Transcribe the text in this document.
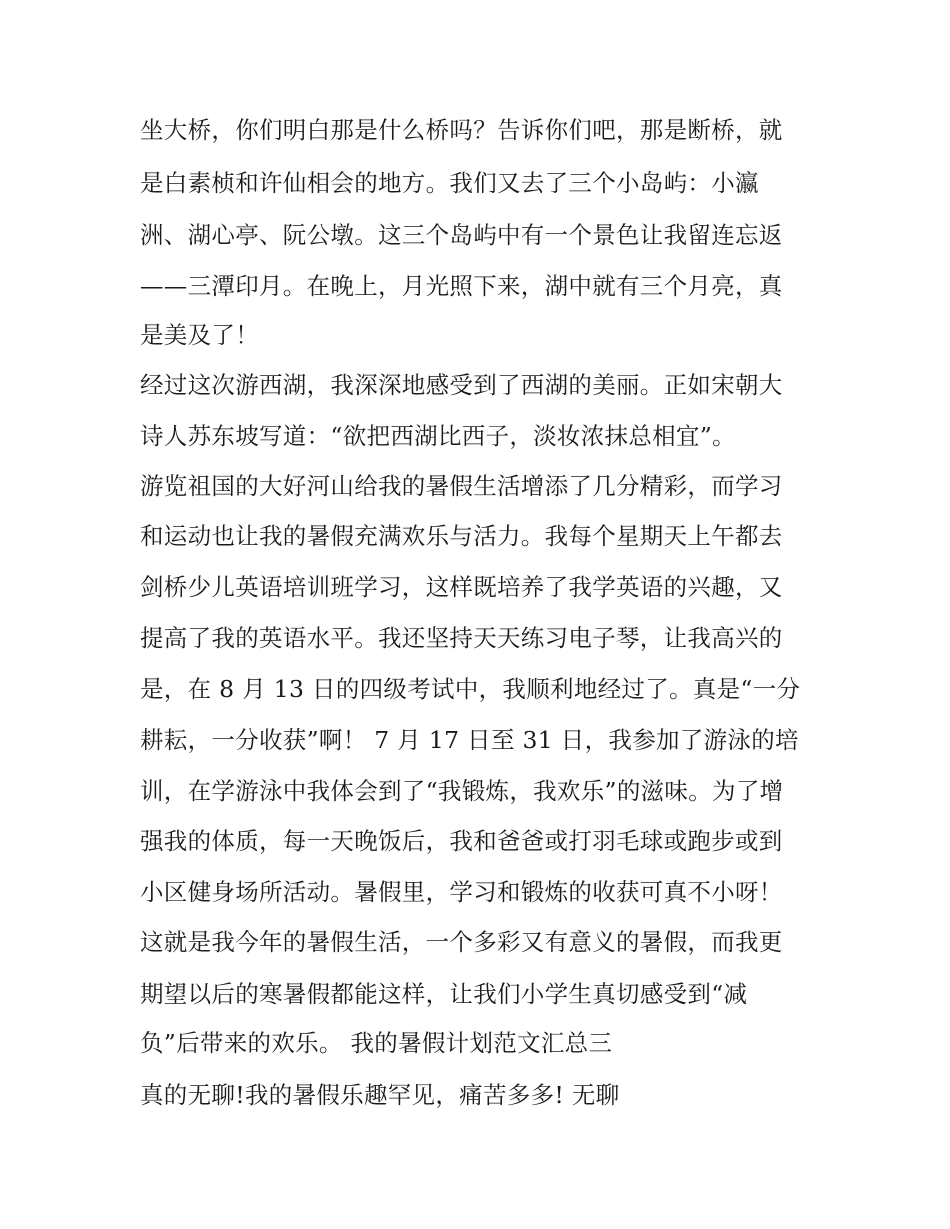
坐大桥，你们明白那是什么桥吗？告诉你们吧，那是断桥，就
是白素桢和许仙相会的地方。我们又去了三个小岛屿：小瀛
洲、湖心亭、阮公墩。这三个岛屿中有一个景色让我留连忘返
——三潭印月。在晚上，月光照下来，湖中就有三个月亮，真
是美及了！
经过这次游西湖，我深深地感受到了西湖的美丽。正如宋朝大
诗人苏东坡写道：“欲把西湖比西子，淡妆浓抹总相宜”。
游览祖国的大好河山给我的暑假生活增添了几分精彩，而学习
和运动也让我的暑假充满欢乐与活力。我每个星期天上午都去
剑桥少儿英语培训班学习，这样既培养了我学英语的兴趣，又
提高了我的英语水平。我还坚持天天练习电子琴，让我高兴的
是，在 8 月 13 日的四级考试中，我顺利地经过了。真是“一分
耕耘，一分收获”啊！ 7 月 17 日至 31 日，我参加了游泳的培
训，在学游泳中我体会到了“我锻炼，我欢乐”的滋味。为了增
强我的体质，每一天晚饭后，我和爸爸或打羽毛球或跑步或到
小区健身场所活动。暑假里，学习和锻炼的收获可真不小呀！
这就是我今年的暑假生活，一个多彩又有意义的暑假，而我更
期望以后的寒暑假都能这样，让我们小学生真切感受到“减
负”后带来的欢乐。 我的暑假计划范文汇总三
真的无聊!我的暑假乐趣罕见，痛苦多多! 无聊
